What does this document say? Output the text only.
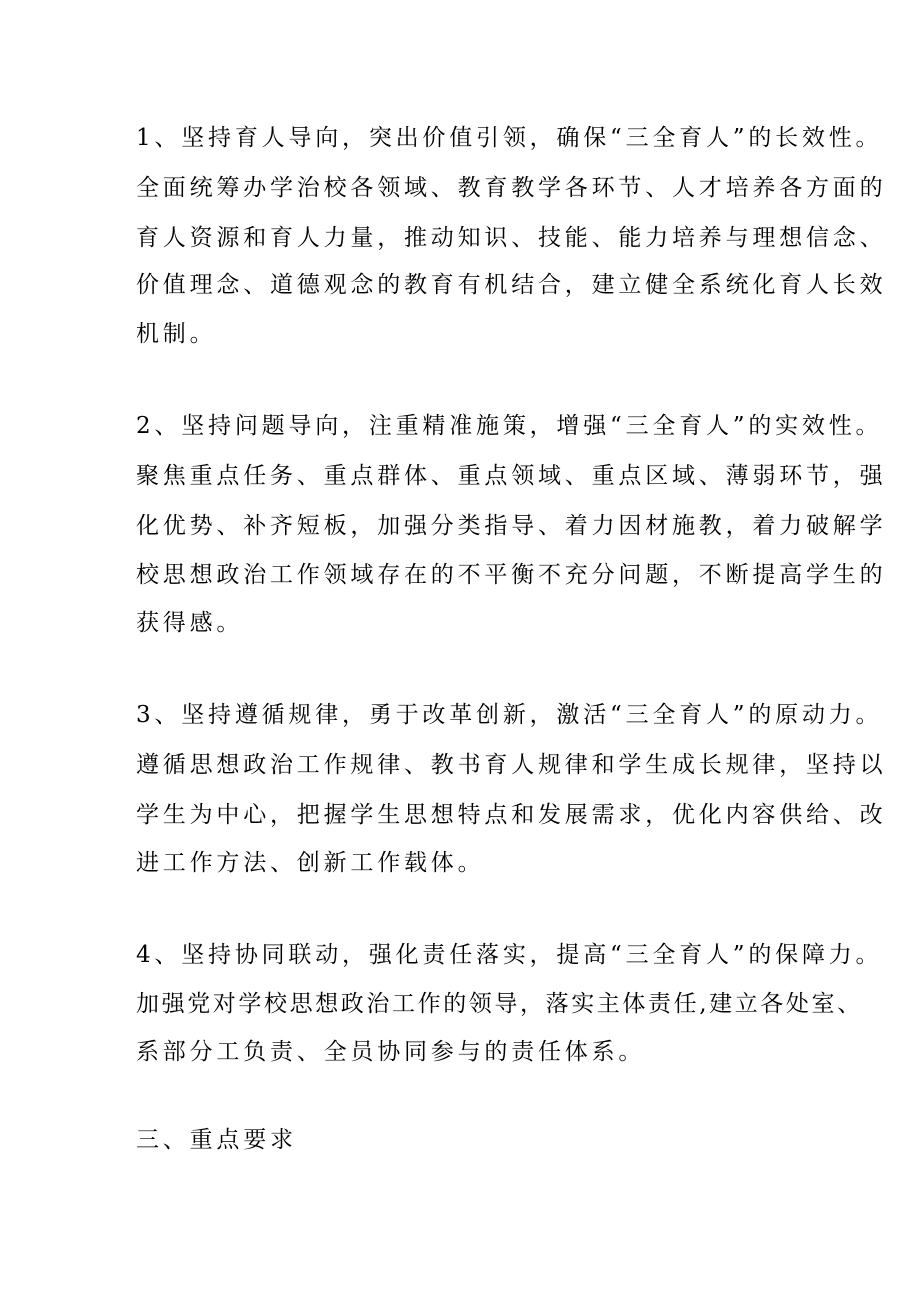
1、坚持育人导向，突出价值引领，确保“三全育人”的长效性。
全面统筹办学治校各领域、教育教学各环节、人才培养各方面的
育人资源和育人力量，推动知识、技能、能力培养与理想信念、
价值理念、道德观念的教育有机结合，建立健全系统化育人长效
机制。
2、坚持问题导向，注重精准施策，增强“三全育人”的实效性。
聚焦重点任务、重点群体、重点领域、重点区域、薄弱环节，强
化优势、补齐短板，加强分类指导、着力因材施教，着力破解学
校思想政治工作领域存在的不平衡不充分问题，不断提高学生的
获得感。
3、坚持遵循规律，勇于改革创新，激活“三全育人”的原动力。
遵循思想政治工作规律、教书育人规律和学生成长规律，坚持以
学生为中心，把握学生思想特点和发展需求，优化内容供给、改
进工作方法、创新工作载体。
4、坚持协同联动，强化责任落实，提高“三全育人”的保障力。
加强党对学校思想政治工作的领导，落实主体责任,建立各处室、
系部分工负责、全员协同参与的责任体系。
三、重点要求
